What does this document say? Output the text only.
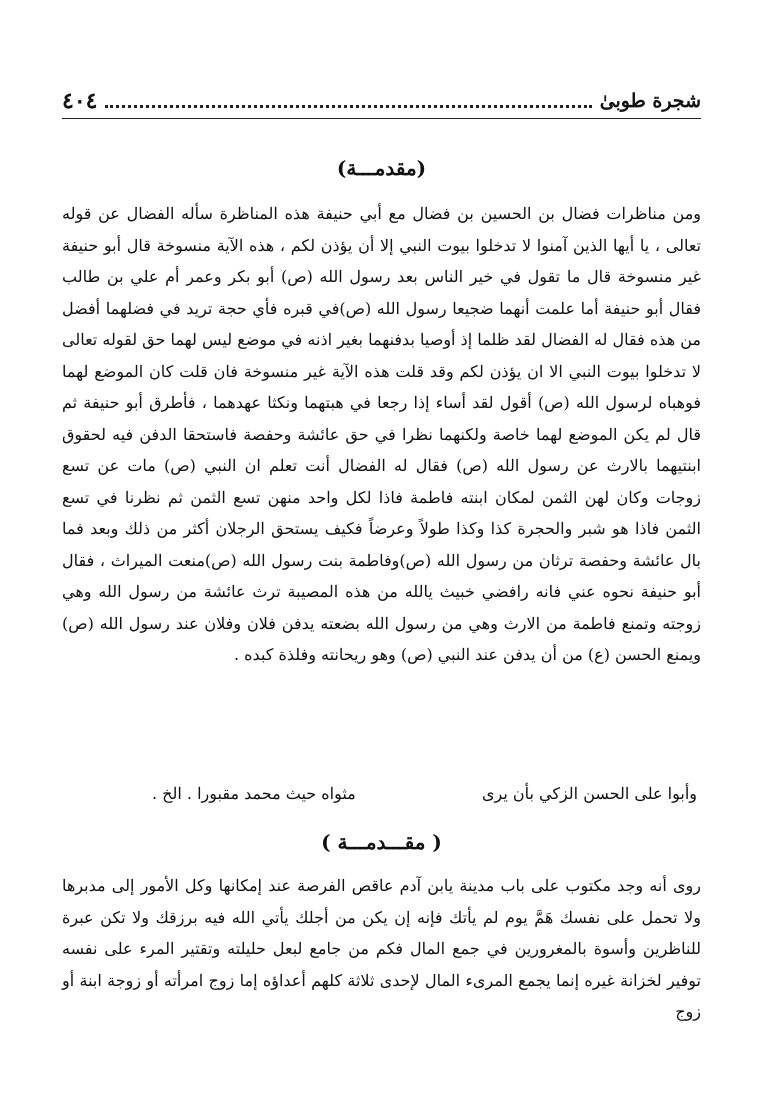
شجرة طوبیٰ
٤٠٤
(مقدمـــة)

ومن مناظرات فضال بن الحسين بن فضال مع أبي حنيفة هذه المناظرة سأله الفضال عن قوله تعالى ، يا أيها الذين آمنوا لا تدخلوا بيوت النبي إلا أن يؤذن لكم ، هذه الآية منسوخة قال أبو حنيفة غير منسوخة قال ما تقول في خير الناس بعد رسول الله (ص) أبو بكر وعمر أم علي بن طالب فقال أبو حنيفة أما علمت أنهما ضجيعا رسول الله (ص)في قبره فأي حجة تريد في فضلهما أفضل من هذه فقال له الفضال لقد ظلما إذ أوصيا بدفنهما بغير اذنه في موضع ليس لهما حق لقوله تعالى لا تدخلوا بيوت النبي الا ان يؤذن لكم وقد قلت هذه الآية غير منسوخة فان قلت كان الموضع لهما فوهباه لرسول الله (ص) أقول لقد أساء إذا رجعا في هبتهما ونكثا عهدهما ، فأطرق أبو حنيفة ثم قال لم يكن الموضع لهما خاصة ولكنهما نظرا في حق عائشة وحفصة فاستحقا الدفن فيه لحقوق ابنتيهما بالارث عن رسول الله (ص) فقال له الفضال أنت تعلم ان النبي (ص) مات عن تسع زوجات وكان لهن الثمن لمكان ابنته فاطمة فاذا لكل واحد منهن تسع الثمن ثم نظرنا في تسع الثمن فاذا هو شبر والحجرة كذا وكذا طولاً وعرضاً فكيف يستحق الرجلان أكثر من ذلك وبعد فما بال عائشة وحفصة ترثان من رسول الله (ص)وفاطمة بنت رسول الله (ص)منعت الميراث ، فقال أبو حنيفة نحوه عني فانه رافضي خبيث يالله من هذه المصيبة ترث عائشة من رسول الله وهي زوجته وتمنع فاطمة من الارث وهي من رسول الله بضعته يدفن فلان وفلان عند رسول الله (ص) ويمنع الحسن (ع) من أن يدفن عند النبي (ص) وهو ريحانته وفلذة كبده .

وأبوا على الحسن الزكي بأن يرى
مثواه حيث محمد مقبورا . الخ .
( مقـــدمـــة )

روى أنه وجد مكتوب على باب مدينة يابن آدم عاقص الفرصة عند إمكانها وكل الأمور إلى مدبرها ولا تحمل على نفسك هَمَّ يوم لم يأتك فإنه إن يكن من أجلك يأتي الله فيه برزقك ولا تكن عبرة للناظرين وأسوة بالمغرورين في جمع المال فكم من جامع لبعل حليلته وتقتير المرء على نفسه توفير لخزانة غيره إنما يجمع المرىء المال لإحدى ثلاثة كلهم أعداؤه إما زوج امرأته أو زوجة ابنة أو زوج
